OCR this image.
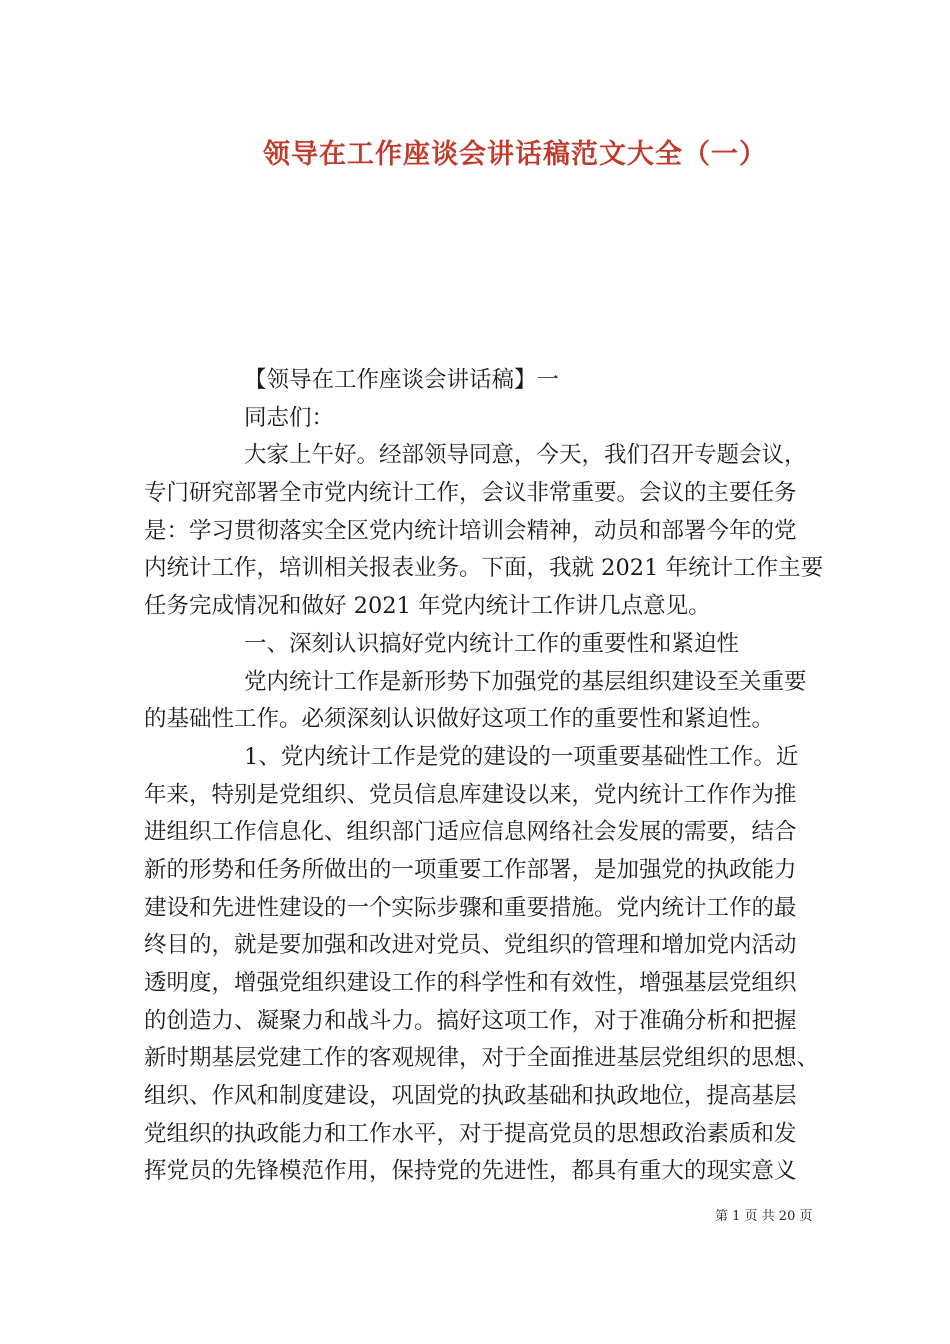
领导在工作座谈会讲话稿范文大全（一）
【领导在工作座谈会讲话稿】一
同志们：
大家上午好。经部领导同意，今天，我们召开专题会议，
专门研究部署全市党内统计工作，会议非常重要。会议的主要任务
是：学习贯彻落实全区党内统计培训会精神，动员和部署今年的党
内统计工作，培训相关报表业务。下面，我就 2021 年统计工作主要
任务完成情况和做好 2021 年党内统计工作讲几点意见。
一、深刻认识搞好党内统计工作的重要性和紧迫性
党内统计工作是新形势下加强党的基层组织建设至关重要
的基础性工作。必须深刻认识做好这项工作的重要性和紧迫性。
1、党内统计工作是党的建设的一项重要基础性工作。近
年来，特别是党组织、党员信息库建设以来，党内统计工作作为推
进组织工作信息化、组织部门适应信息网络社会发展的需要，结合
新的形势和任务所做出的一项重要工作部署，是加强党的执政能力
建设和先进性建设的一个实际步骤和重要措施。党内统计工作的最
终目的，就是要加强和改进对党员、党组织的管理和增加党内活动
透明度，增强党组织建设工作的科学性和有效性，增强基层党组织
的创造力、凝聚力和战斗力。搞好这项工作，对于准确分析和把握
新时期基层党建工作的客观规律，对于全面推进基层党组织的思想、
组织、作风和制度建设，巩固党的执政基础和执政地位，提高基层
党组织的执政能力和工作水平，对于提高党员的思想政治素质和发
挥党员的先锋模范作用，保持党的先进性，都具有重大的现实意义
第 1 页 共 20 页
